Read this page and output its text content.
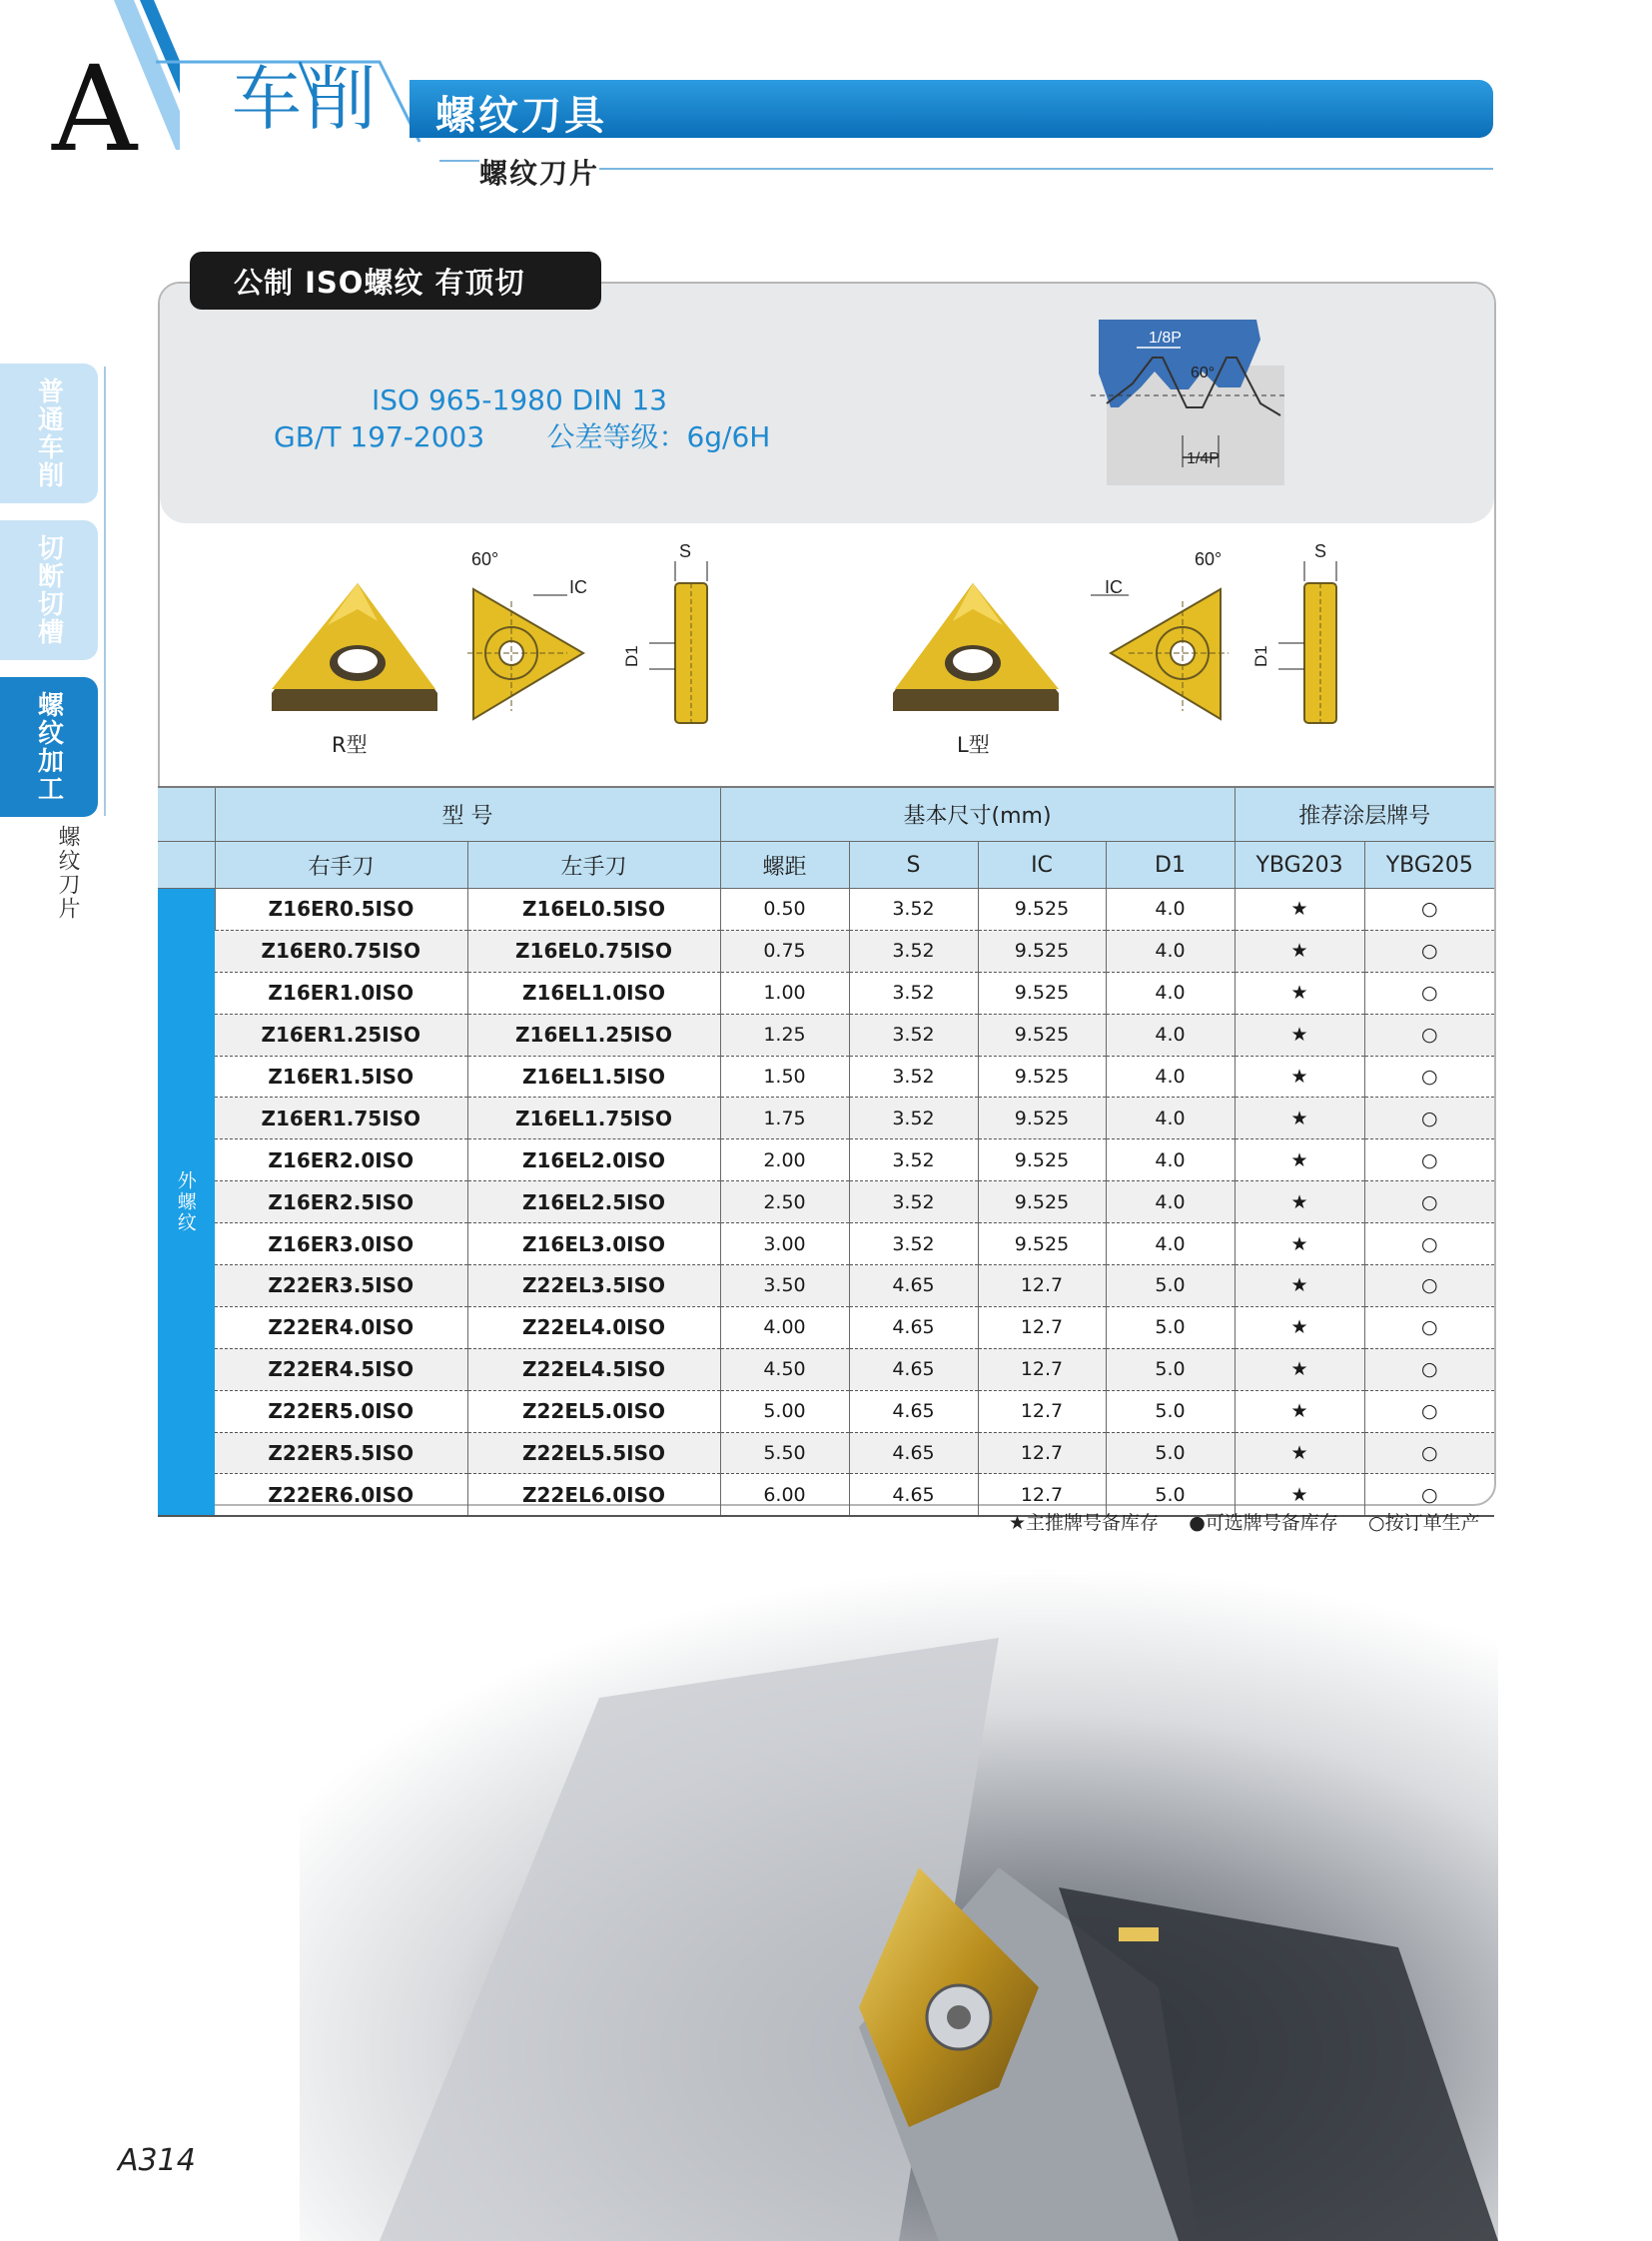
A 车削 螺纹刀具
螺纹刀片
普通车削
切断切槽
螺纹加工
螺纹刀片
公制 ISO螺纹 有顶切
ISO 965-1980 DIN 13
GB/T 197-2003       公差等级：6g/6H
1/8P
60°
1/4P
60°
IC
S
D1
R型
60°
IC
S
D1
L型
	型 号		基本尺寸(mm)				推荐涂层牌号	
	右手刀	左手刀	螺距	S	IC	D1	YBG203	YBG205
外螺纹	Z16ER0.5ISO	Z16EL0.5ISO	0.50	3.52	9.525	4.0	★	○
	Z16ER0.75ISO	Z16EL0.75ISO	0.75	3.52	9.525	4.0	★	○
	Z16ER1.0ISO	Z16EL1.0ISO	1.00	3.52	9.525	4.0	★	○
	Z16ER1.25ISO	Z16EL1.25ISO	1.25	3.52	9.525	4.0	★	○
	Z16ER1.5ISO	Z16EL1.5ISO	1.50	3.52	9.525	4.0	★	○
	Z16ER1.75ISO	Z16EL1.75ISO	1.75	3.52	9.525	4.0	★	○
	Z16ER2.0ISO	Z16EL2.0ISO	2.00	3.52	9.525	4.0	★	○
	Z16ER2.5ISO	Z16EL2.5ISO	2.50	3.52	9.525	4.0	★	○
	Z16ER3.0ISO	Z16EL3.0ISO	3.00	3.52	9.525	4.0	★	○
	Z22ER3.5ISO	Z22EL3.5ISO	3.50	4.65	12.7	5.0	★	○
	Z22ER4.0ISO	Z22EL4.0ISO	4.00	4.65	12.7	5.0	★	○
	Z22ER4.5ISO	Z22EL4.5ISO	4.50	4.65	12.7	5.0	★	○
	Z22ER5.0ISO	Z22EL5.0ISO	5.00	4.65	12.7	5.0	★	○
	Z22ER5.5ISO	Z22EL5.5ISO	5.50	4.65	12.7	5.0	★	○
	Z22ER6.0ISO	Z22EL6.0ISO	6.00	4.65	12.7	5.0	★	○
★主推牌号备库存     ●可选牌号备库存     ○按订单生产
A314
